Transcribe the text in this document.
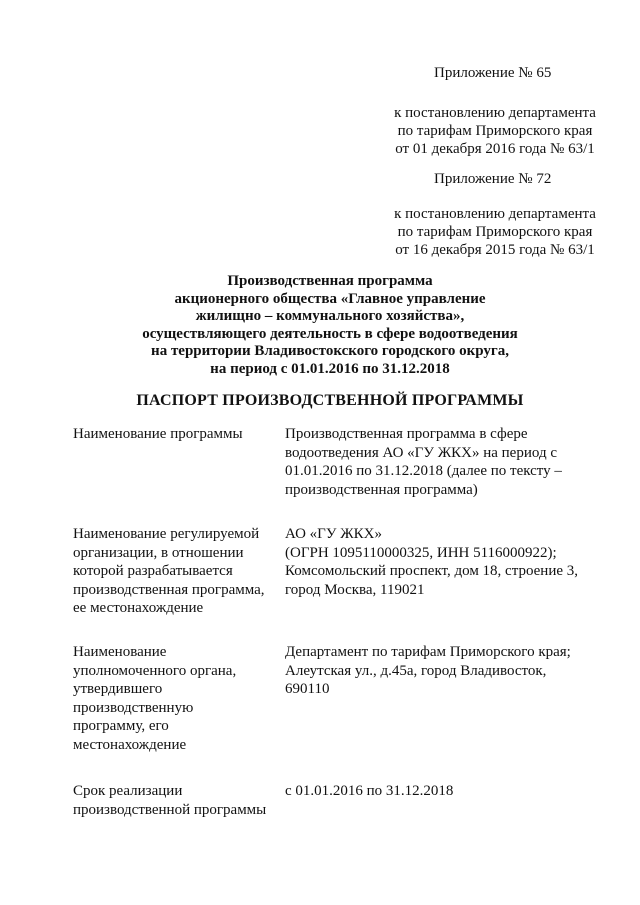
Приложение № 65
к постановлению департамента
по тарифам Приморского края
от 01 декабря 2016 года № 63/1
Приложение № 72
к постановлению департамента
по тарифам Приморского края
от 16 декабря 2015 года № 63/1
Производственная программа
акционерного общества «Главное управление
жилищно – коммунального хозяйства»,
осуществляющего деятельность в сфере водоотведения
на территории Владивостокского городского округа,
на период с 01.01.2016 по 31.12.2018
ПАСПОРТ ПРОИЗВОДСТВЕННОЙ ПРОГРАММЫ
Наименование программы	Производственная программа в сфере
водоотведения АО «ГУ ЖКХ» на период с
01.01.2016 по 31.12.2018 (далее по тексту –
производственная программа)
Наименование регулируемой
организации, в отношении
которой разрабатывается
производственная программа,
ее местонахождение
АО «ГУ ЖКХ»
(ОГРН 1095110000325, ИНН 5116000922);
Комсомольский проспект, дом 18, строение 3,
город Москва, 119021
Наименование
уполномоченного органа,
утвердившего
производственную
программу, его
местонахождение
Департамент по тарифам Приморского края;
Алеутская ул., д.45а, город Владивосток,
690110
Срок реализации
производственной программы
с 01.01.2016 по 31.12.2018
